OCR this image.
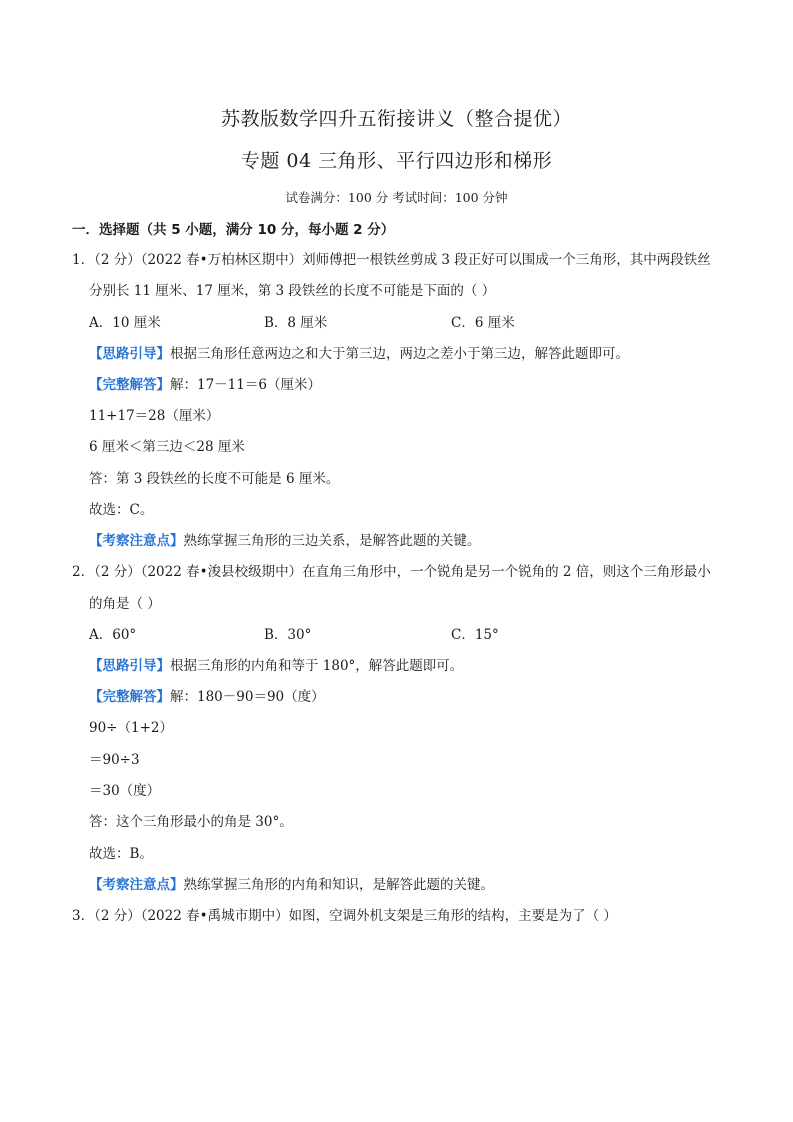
苏教版数学四升五衔接讲义（整合提优）
专题 04 三角形、平行四边形和梯形
试卷满分：100 分 考试时间：100 分钟
一．选择题（共 5 小题，满分 10 分，每小题 2 分）
1．（2 分）（2022 春•万柏林区期中）刘师傅把一根铁丝剪成 3 段正好可以围成一个三角形，其中两段铁丝
分别长 11 厘米、17 厘米，第 3 段铁丝的长度不可能是下面的（ ）
A．10 厘米	B．8 厘米	C．6 厘米
【思路引导】根据三角形任意两边之和大于第三边，两边之差小于第三边，解答此题即可。
【完整解答】解：17－11＝6（厘米）
11+17＝28（厘米）
6 厘米＜第三边＜28 厘米
答：第 3 段铁丝的长度不可能是 6 厘米。
故选：C。
【考察注意点】熟练掌握三角形的三边关系，是解答此题的关键。
2．（2 分）（2022 春•浚县校级期中）在直角三角形中，一个锐角是另一个锐角的 2 倍，则这个三角形最小
的角是（ ）
A．60°	B．30°	C．15°
【思路引导】根据三角形的内角和等于 180°，解答此题即可。
【完整解答】解：180－90＝90（度）
90÷（1+2）
＝90÷3
＝30（度）
答：这个三角形最小的角是 30°。
故选：B。
【考察注意点】熟练掌握三角形的内角和知识，是解答此题的关键。
3．（2 分）（2022 春•禹城市期中）如图，空调外机支架是三角形的结构，主要是为了（ ）
